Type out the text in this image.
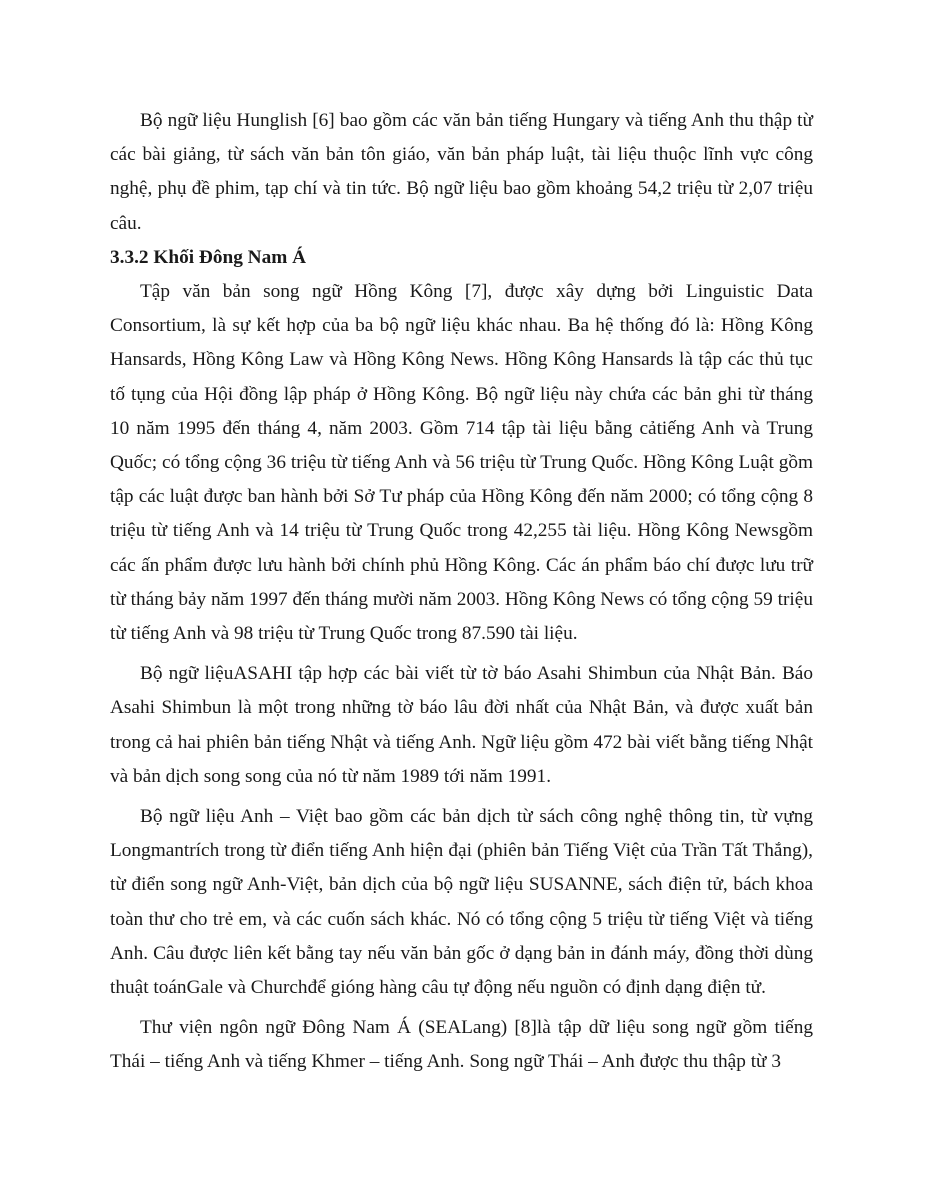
Bộ ngữ liệu Hunglish [6] bao gồm các văn bản tiếng Hungary và tiếng Anh thu thập từ các bài giảng, từ sách văn bản tôn giáo, văn bản pháp luật, tài liệu thuộc lĩnh vực công nghệ, phụ đề phim, tạp chí và tin tức. Bộ ngữ liệu bao gồm khoảng 54,2 triệu từ 2,07 triệu câu.

3.3.2 Khối Đông Nam Á

Tập văn bản song ngữ Hồng Kông [7], được xây dựng bởi Linguistic Data Consortium, là sự kết hợp của ba bộ ngữ liệu khác nhau. Ba hệ thống đó là: Hồng Kông Hansards, Hồng Kông Law và Hồng Kông News. Hồng Kông Hansards là tập các thủ tục tố tụng của Hội đồng lập pháp ở Hồng Kông. Bộ ngữ liệu này chứa các bản ghi từ tháng 10 năm 1995 đến tháng 4, năm 2003. Gồm 714 tập tài liệu bằng cảtiếng Anh và Trung Quốc; có tổng cộng 36 triệu từ tiếng Anh và 56 triệu từ Trung Quốc. Hồng Kông Luật gồm tập các luật được ban hành bởi Sở Tư pháp của Hồng Kông đến năm 2000; có tổng cộng 8 triệu từ tiếng Anh và 14 triệu từ Trung Quốc trong 42,255 tài liệu. Hồng Kông Newsgồm các ấn phẩm được lưu hành bởi chính phủ Hồng Kông. Các án phẩm báo chí được lưu trữ từ tháng bảy năm 1997 đến tháng mười năm 2003. Hồng Kông News có tổng cộng 59 triệu từ tiếng Anh và 98 triệu từ Trung Quốc trong 87.590 tài liệu.

Bộ ngữ liệuASAHI tập hợp các bài viết từ tờ báo Asahi Shimbun của Nhật Bản. Báo Asahi Shimbun là một trong những tờ báo lâu đời nhất của Nhật Bản, và được xuất bản trong cả hai phiên bản tiếng Nhật và tiếng Anh. Ngữ liệu gồm 472 bài viết bằng tiếng Nhật và bản dịch song song của nó từ năm 1989 tới năm 1991.

Bộ ngữ liệu Anh – Việt bao gồm các bản dịch từ sách công nghệ thông tin, từ vựng Longmantrích trong từ điển tiếng Anh hiện đại (phiên bản Tiếng Việt của Trần Tất Thắng), từ điển song ngữ Anh-Việt, bản dịch của bộ ngữ liệu SUSANNE, sách điện tử, bách khoa toàn thư cho trẻ em, và các cuốn sách khác. Nó có tổng cộng 5 triệu từ tiếng Việt và tiếng Anh. Câu được liên kết bằng tay nếu văn bản gốc ở dạng bản in đánh máy, đồng thời dùng thuật toánGale và Churchđể gióng hàng câu tự động nếu nguồn có định dạng điện tử.

Thư viện ngôn ngữ Đông Nam Á (SEALang) [8]là tập dữ liệu song ngữ gồm tiếng Thái – tiếng Anh và tiếng Khmer – tiếng Anh. Song ngữ Thái – Anh được thu thập từ 3
